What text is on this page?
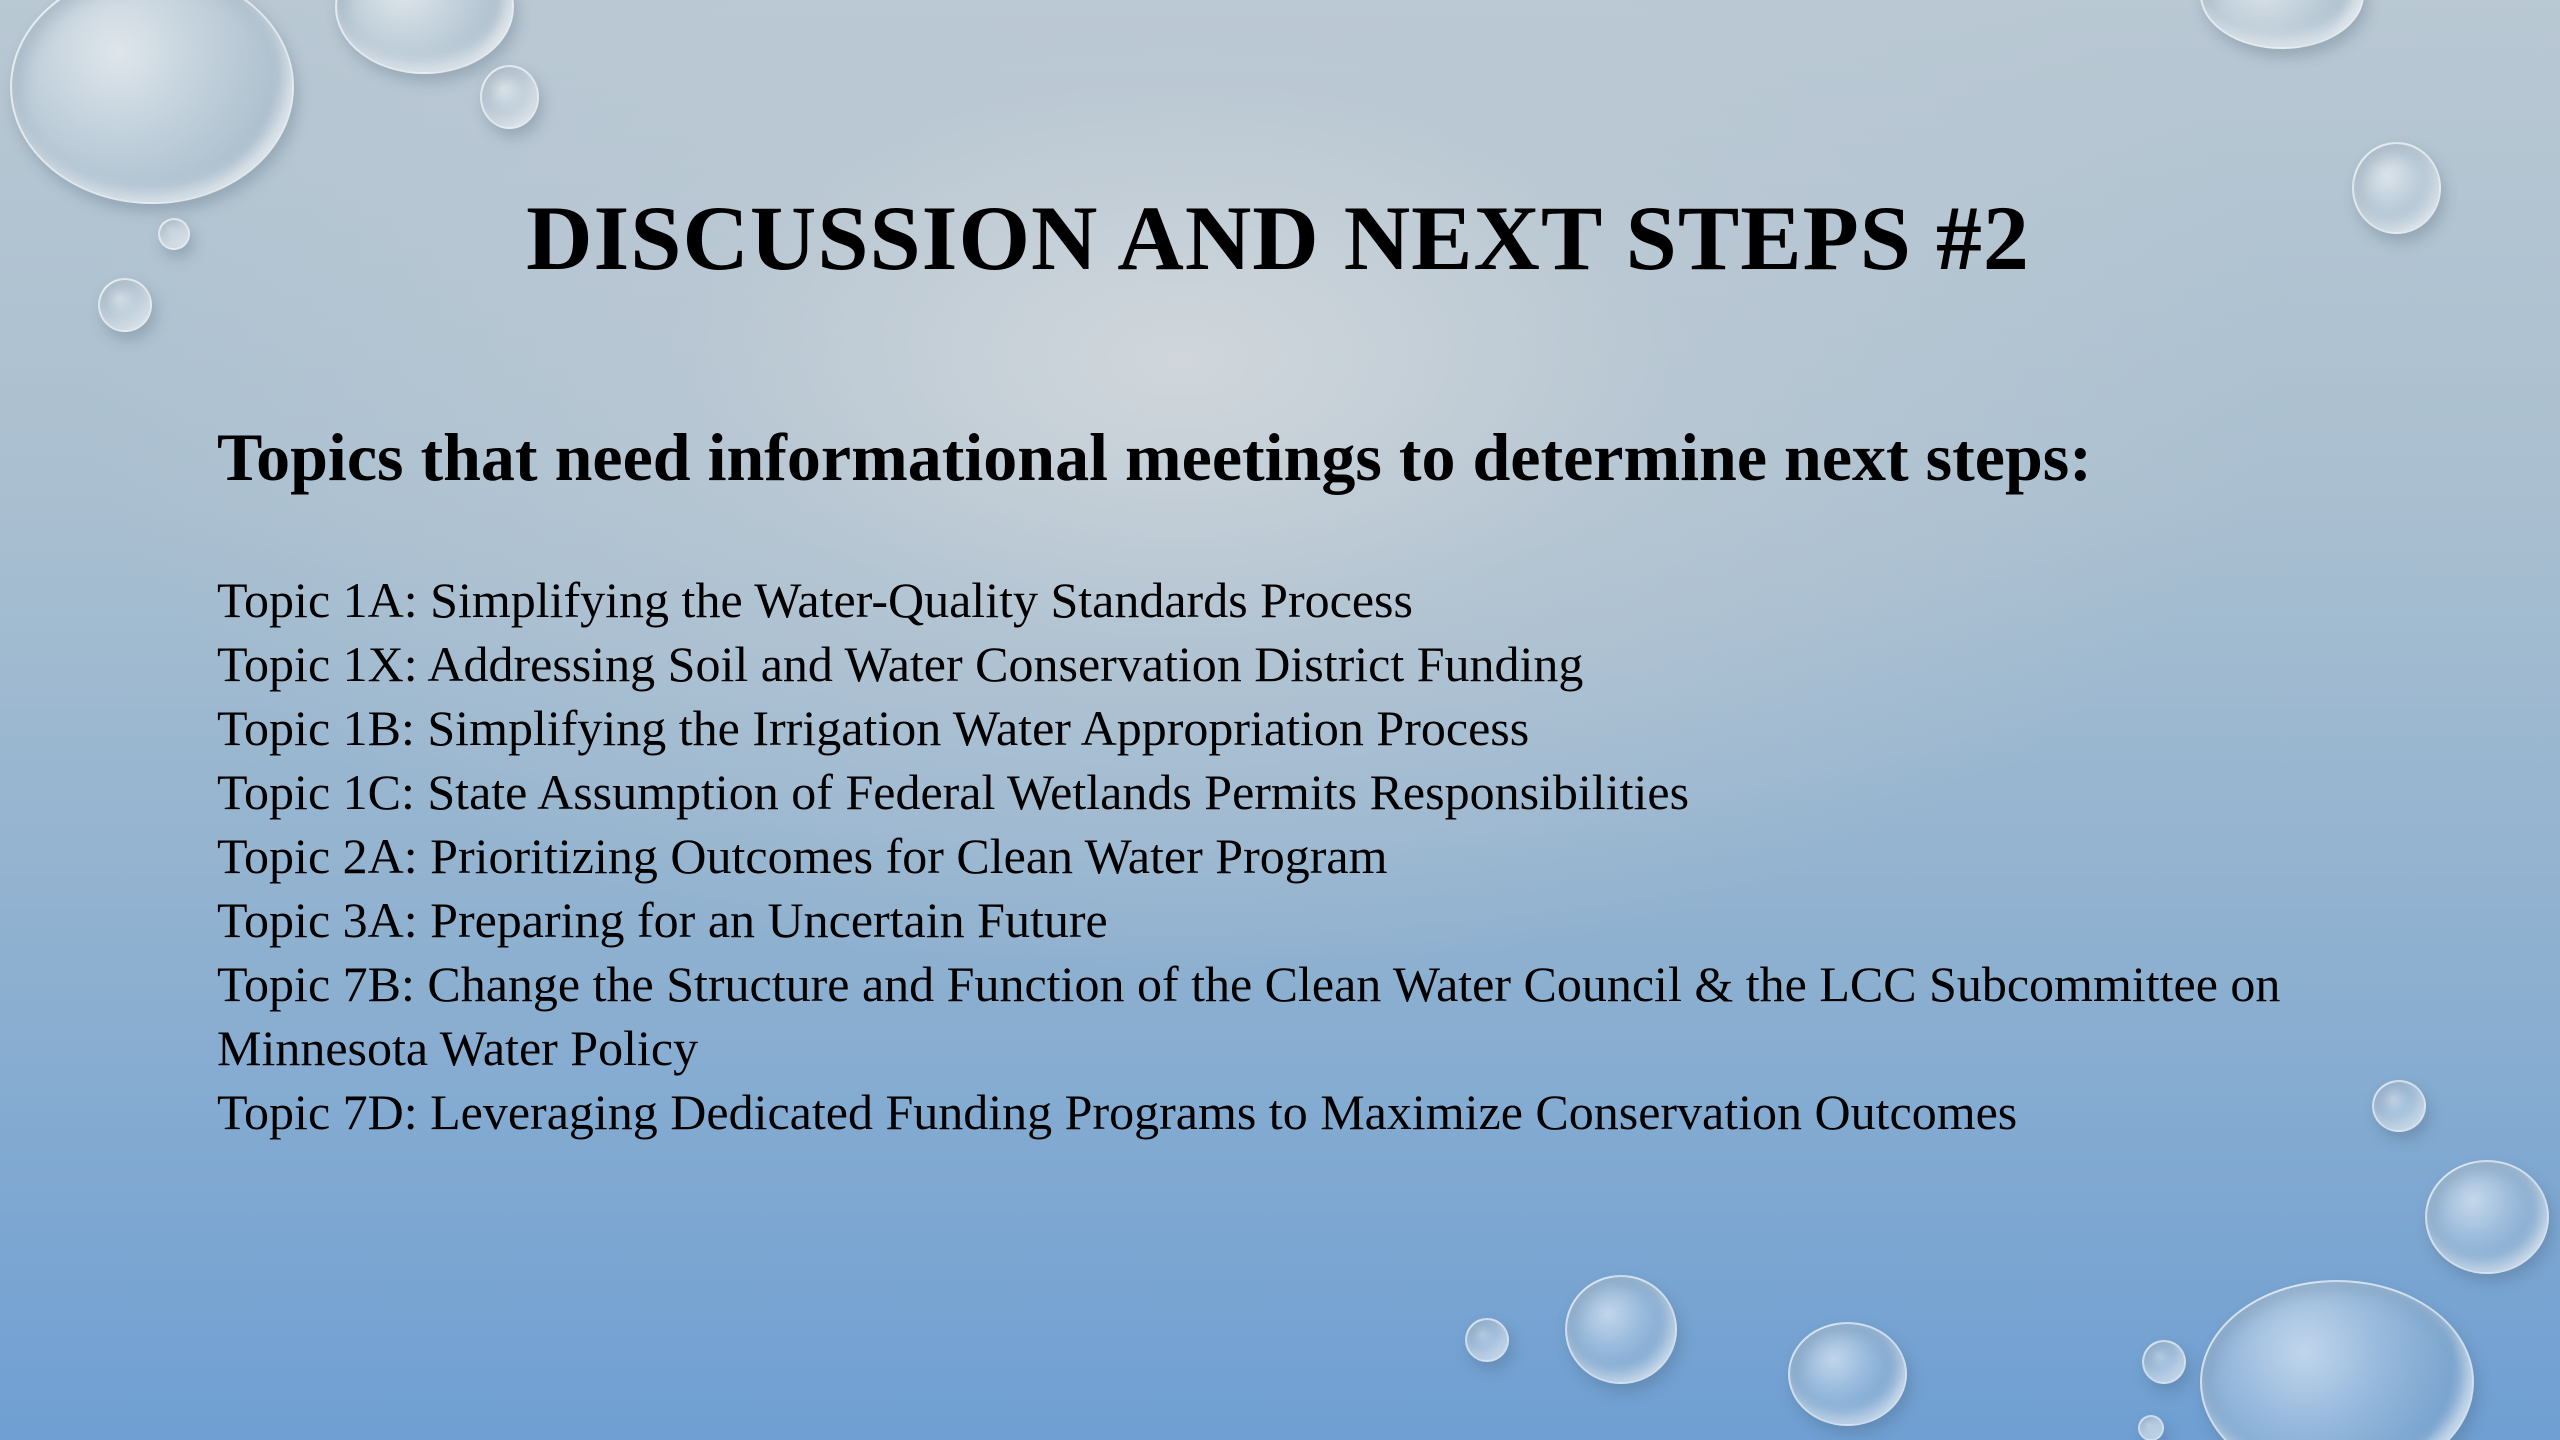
DISCUSSION AND NEXT STEPS #2
Topics that need informational meetings to determine next steps:
Topic 1A: Simplifying the Water-Quality Standards Process
Topic 1X: Addressing Soil and Water Conservation District Funding
Topic 1B: Simplifying the Irrigation Water Appropriation Process
Topic 1C: State Assumption of Federal Wetlands Permits Responsibilities
Topic 2A: Prioritizing Outcomes for Clean Water Program
Topic 3A: Preparing for an Uncertain Future
Topic 7B: Change the Structure and Function of the Clean Water Council & the LCC Subcommittee on Minnesota Water Policy
Topic 7D: Leveraging Dedicated Funding Programs to Maximize Conservation Outcomes
